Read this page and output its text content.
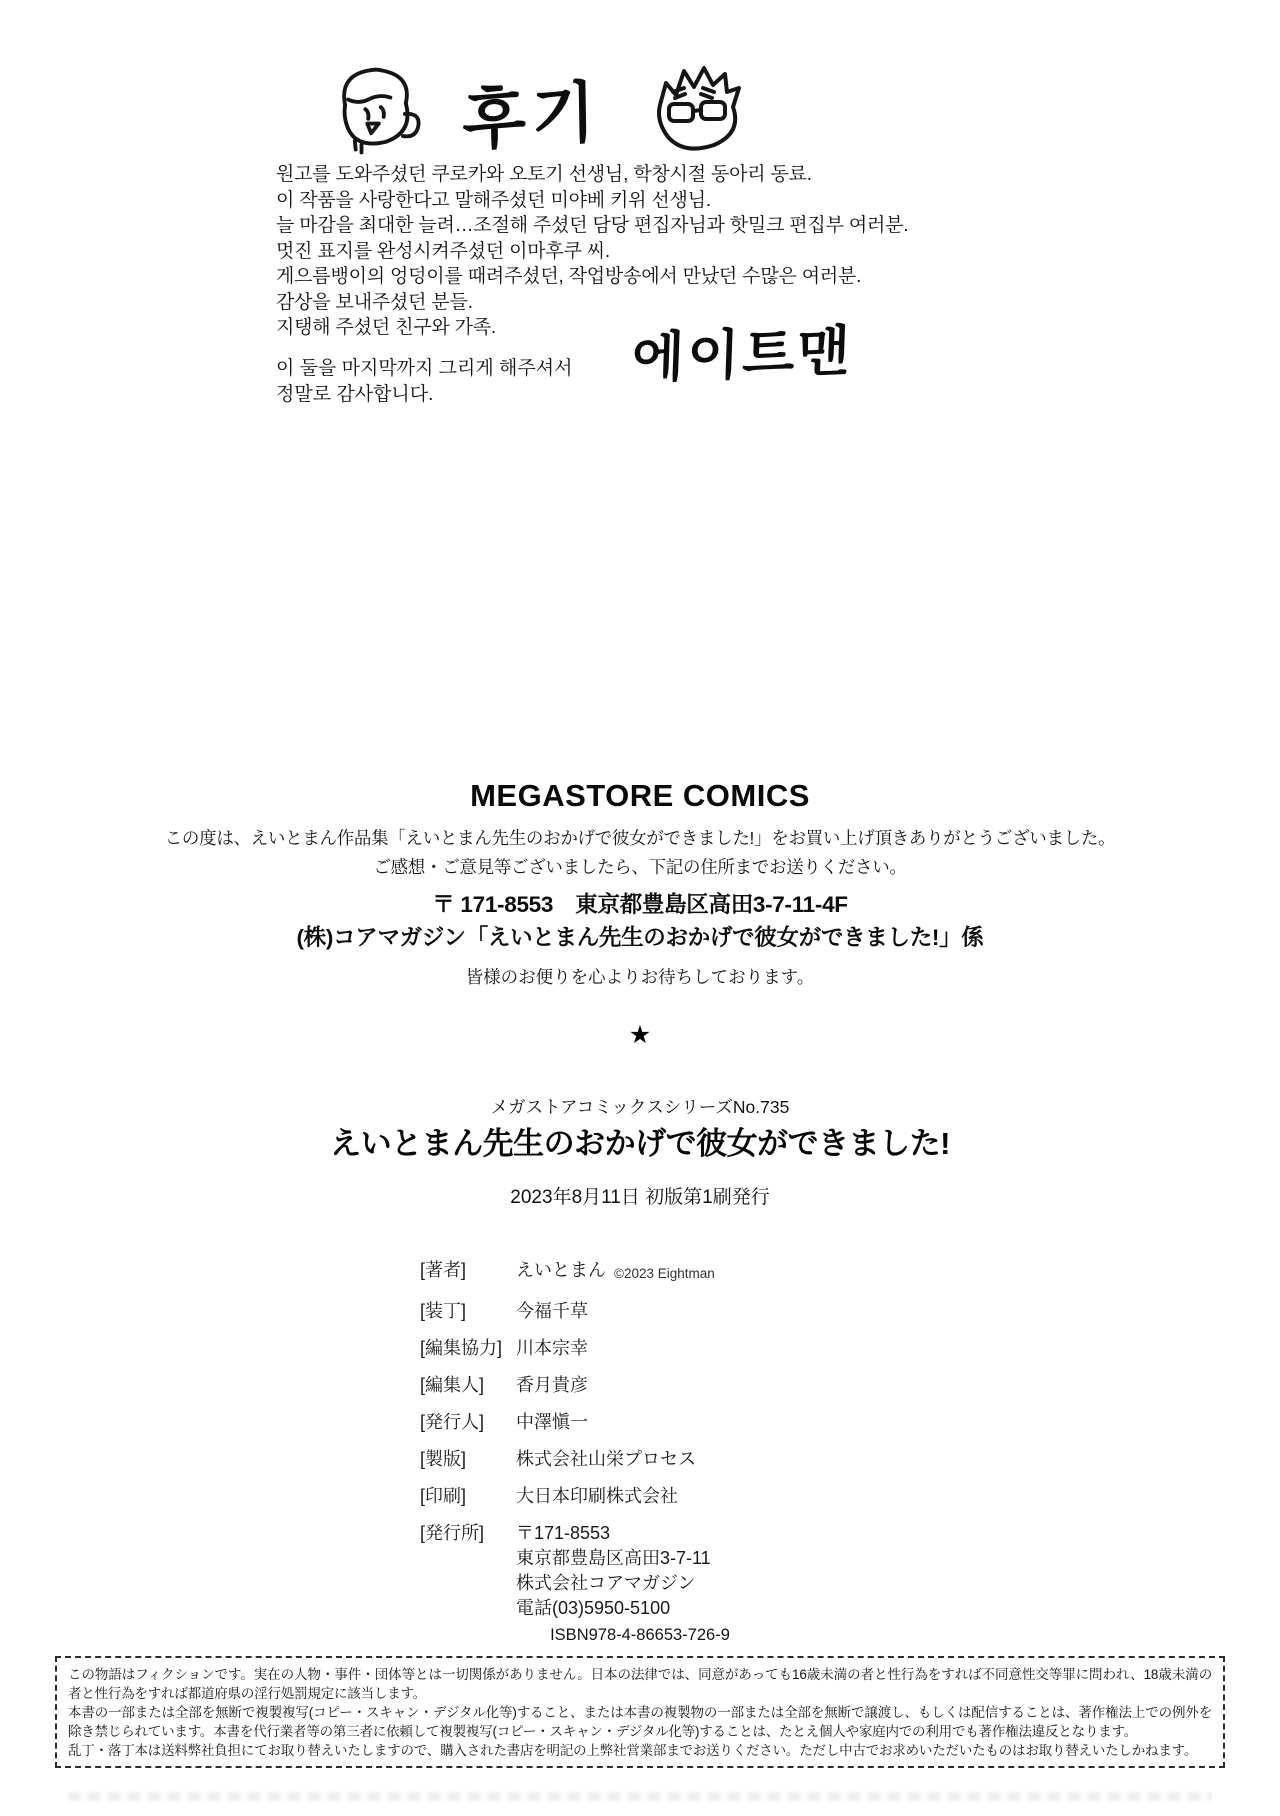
후기
원고를 도와주셨던 쿠로카와 오토기 선생님, 학창시절 동아리 동료.
이 작품을 사랑한다고 말해주셨던 미야베 키위 선생님.
늘 마감을 최대한 늘려…조절해 주셨던 담당 편집자님과 핫밀크 편집부 여러분.
멋진 표지를 완성시켜주셨던 이마후쿠 씨.
게으름뱅이의 엉덩이를 때려주셨던, 작업방송에서 만났던 수많은 여러분.
감상을 보내주셨던 분들.
지탱해 주셨던 친구와 가족.
이 둘을 마지막까지 그리게 해주셔서
정말로 감사합니다.
에이트맨
MEGASTORE COMICS
この度は、えいとまん作品集「えいとまん先生のおかげで彼女ができました!」をお買い上げ頂きありがとうございました。
ご感想・ご意見等ございましたら、下記の住所までお送りください。
〒 171-8553　東京都豊島区高田3-7-11-4F
(株)コアマガジン「えいとまん先生のおかげで彼女ができました!」係
皆様のお便りを心よりお待ちしております。
★
メガストアコミックスシリーズNo.735
えいとまん先生のおかげで彼女ができました!
2023年8月11日 初版第1刷発行
[著者]	えいとまん ©2023 Eightman
[装丁]	今福千草
[編集協力] 川本宗幸
[編集人]	香月貴彦
[発行人]	中澤愼一
[製版]	株式会社山栄プロセス
[印刷]	大日本印刷株式会社
[発行所]	〒171-8553
東京都豊島区高田3-7-11
株式会社コアマガジン
電話(03)5950-5100
ISBN978-4-86653-726-9

この物語はフィクションです。実在の人物・事件・団体等とは一切関係がありません。日本の法律では、同意があっても16歳未満の者と性行為をすれば不同意性交等罪に問われ、18歳未満の者と性行為をすれば都道府県の淫行処罰規定に該当します。

本書の一部または全部を無断で複製複写(コピー・スキャン・デジタル化等)すること、または本書の複製物の一部または全部を無断で譲渡し、もしくは配信することは、著作権法上での例外を除き禁じられています。本書を代行業者等の第三者に依頼して複製複写(コピー・スキャン・デジタル化等)することは、たとえ個人や家庭内での利用でも著作権法違反となります。

乱丁・落丁本は送料弊社負担にてお取り替えいたしますので、購入された書店を明記の上弊社営業部までお送りください。ただし中古でお求めいただいたものはお取り替えいたしかねます。
